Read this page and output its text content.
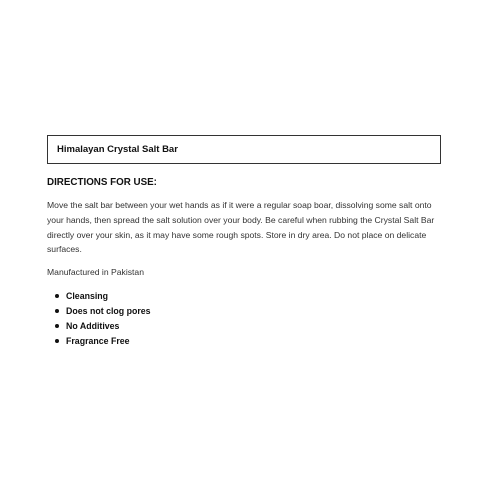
Himalayan Crystal Salt Bar
DIRECTIONS FOR USE:
Move the salt bar between your wet hands as if it were a regular soap boar, dissolving some salt onto your hands, then spread the salt solution over your body. Be careful when rubbing the Crystal Salt Bar directly over your skin, as it may have some rough spots. Store in dry area. Do not place on delicate surfaces.
Manufactured in Pakistan
Cleansing
Does not clog pores
No Additives
Fragrance Free
